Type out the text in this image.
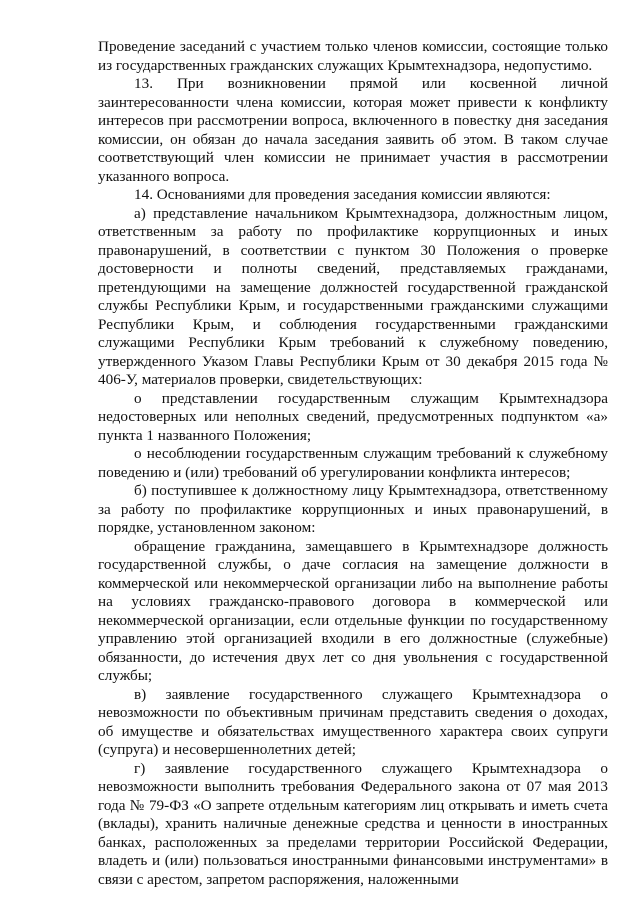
Проведение заседаний с участием только членов комиссии, состоящие только из государственных гражданских служащих Крымтехнадзора, недопустимо.

13. При возникновении прямой или косвенной личной заинтересованности члена комиссии, которая может привести к конфликту интересов при рассмотрении вопроса, включенного в повестку дня заседания комиссии, он обязан до начала заседания заявить об этом. В таком случае соответствующий член комиссии не принимает участия в рассмотрении указанного вопроса.

14. Основаниями для проведения заседания комиссии являются:

а) представление начальником Крымтехнадзора, должностным лицом, ответственным за работу по профилактике коррупционных и иных правонарушений, в соответствии с пунктом 30 Положения о проверке достоверности и полноты сведений, представляемых гражданами, претендующими на замещение должностей государственной гражданской службы Республики Крым, и государственными гражданскими служащими Республики Крым, и соблюдения государственными гражданскими служащими Республики Крым требований к служебному поведению, утвержденного Указом Главы Республики Крым от 30 декабря 2015 года № 406-У, материалов проверки, свидетельствующих:

о представлении государственным служащим Крымтехнадзора недостоверных или неполных сведений, предусмотренных подпунктом «а» пункта 1 названного Положения;

о несоблюдении государственным служащим требований к служебному поведению и (или) требований об урегулировании конфликта интересов;

б) поступившее к должностному лицу Крымтехнадзора, ответственному за работу по профилактике коррупционных и иных правонарушений, в порядке, установленном законом:

обращение гражданина, замещавшего в Крымтехнадзоре должность государственной службы, о даче согласия на замещение должности в коммерческой или некоммерческой организации либо на выполнение работы на условиях гражданско-правового договора в коммерческой или некоммерческой организации, если отдельные функции по государственному управлению этой организацией входили в его должностные (служебные) обязанности, до истечения двух лет со дня увольнения с государственной службы;

в) заявление государственного служащего Крымтехнадзора о невозможности по объективным причинам представить сведения о доходах, об имуществе и обязательствах имущественного характера своих супруги (супруга) и несовершеннолетних детей;

г) заявление государственного служащего Крымтехнадзора о невозможности выполнить требования Федерального закона от 07 мая 2013 года № 79-ФЗ «О запрете отдельным категориям лиц открывать и иметь счета (вклады), хранить наличные денежные средства и ценности в иностранных банках, расположенных за пределами территории Российской Федерации, владеть и (или) пользоваться иностранными финансовыми инструментами» в связи с арестом, запретом распоряжения, наложенными
